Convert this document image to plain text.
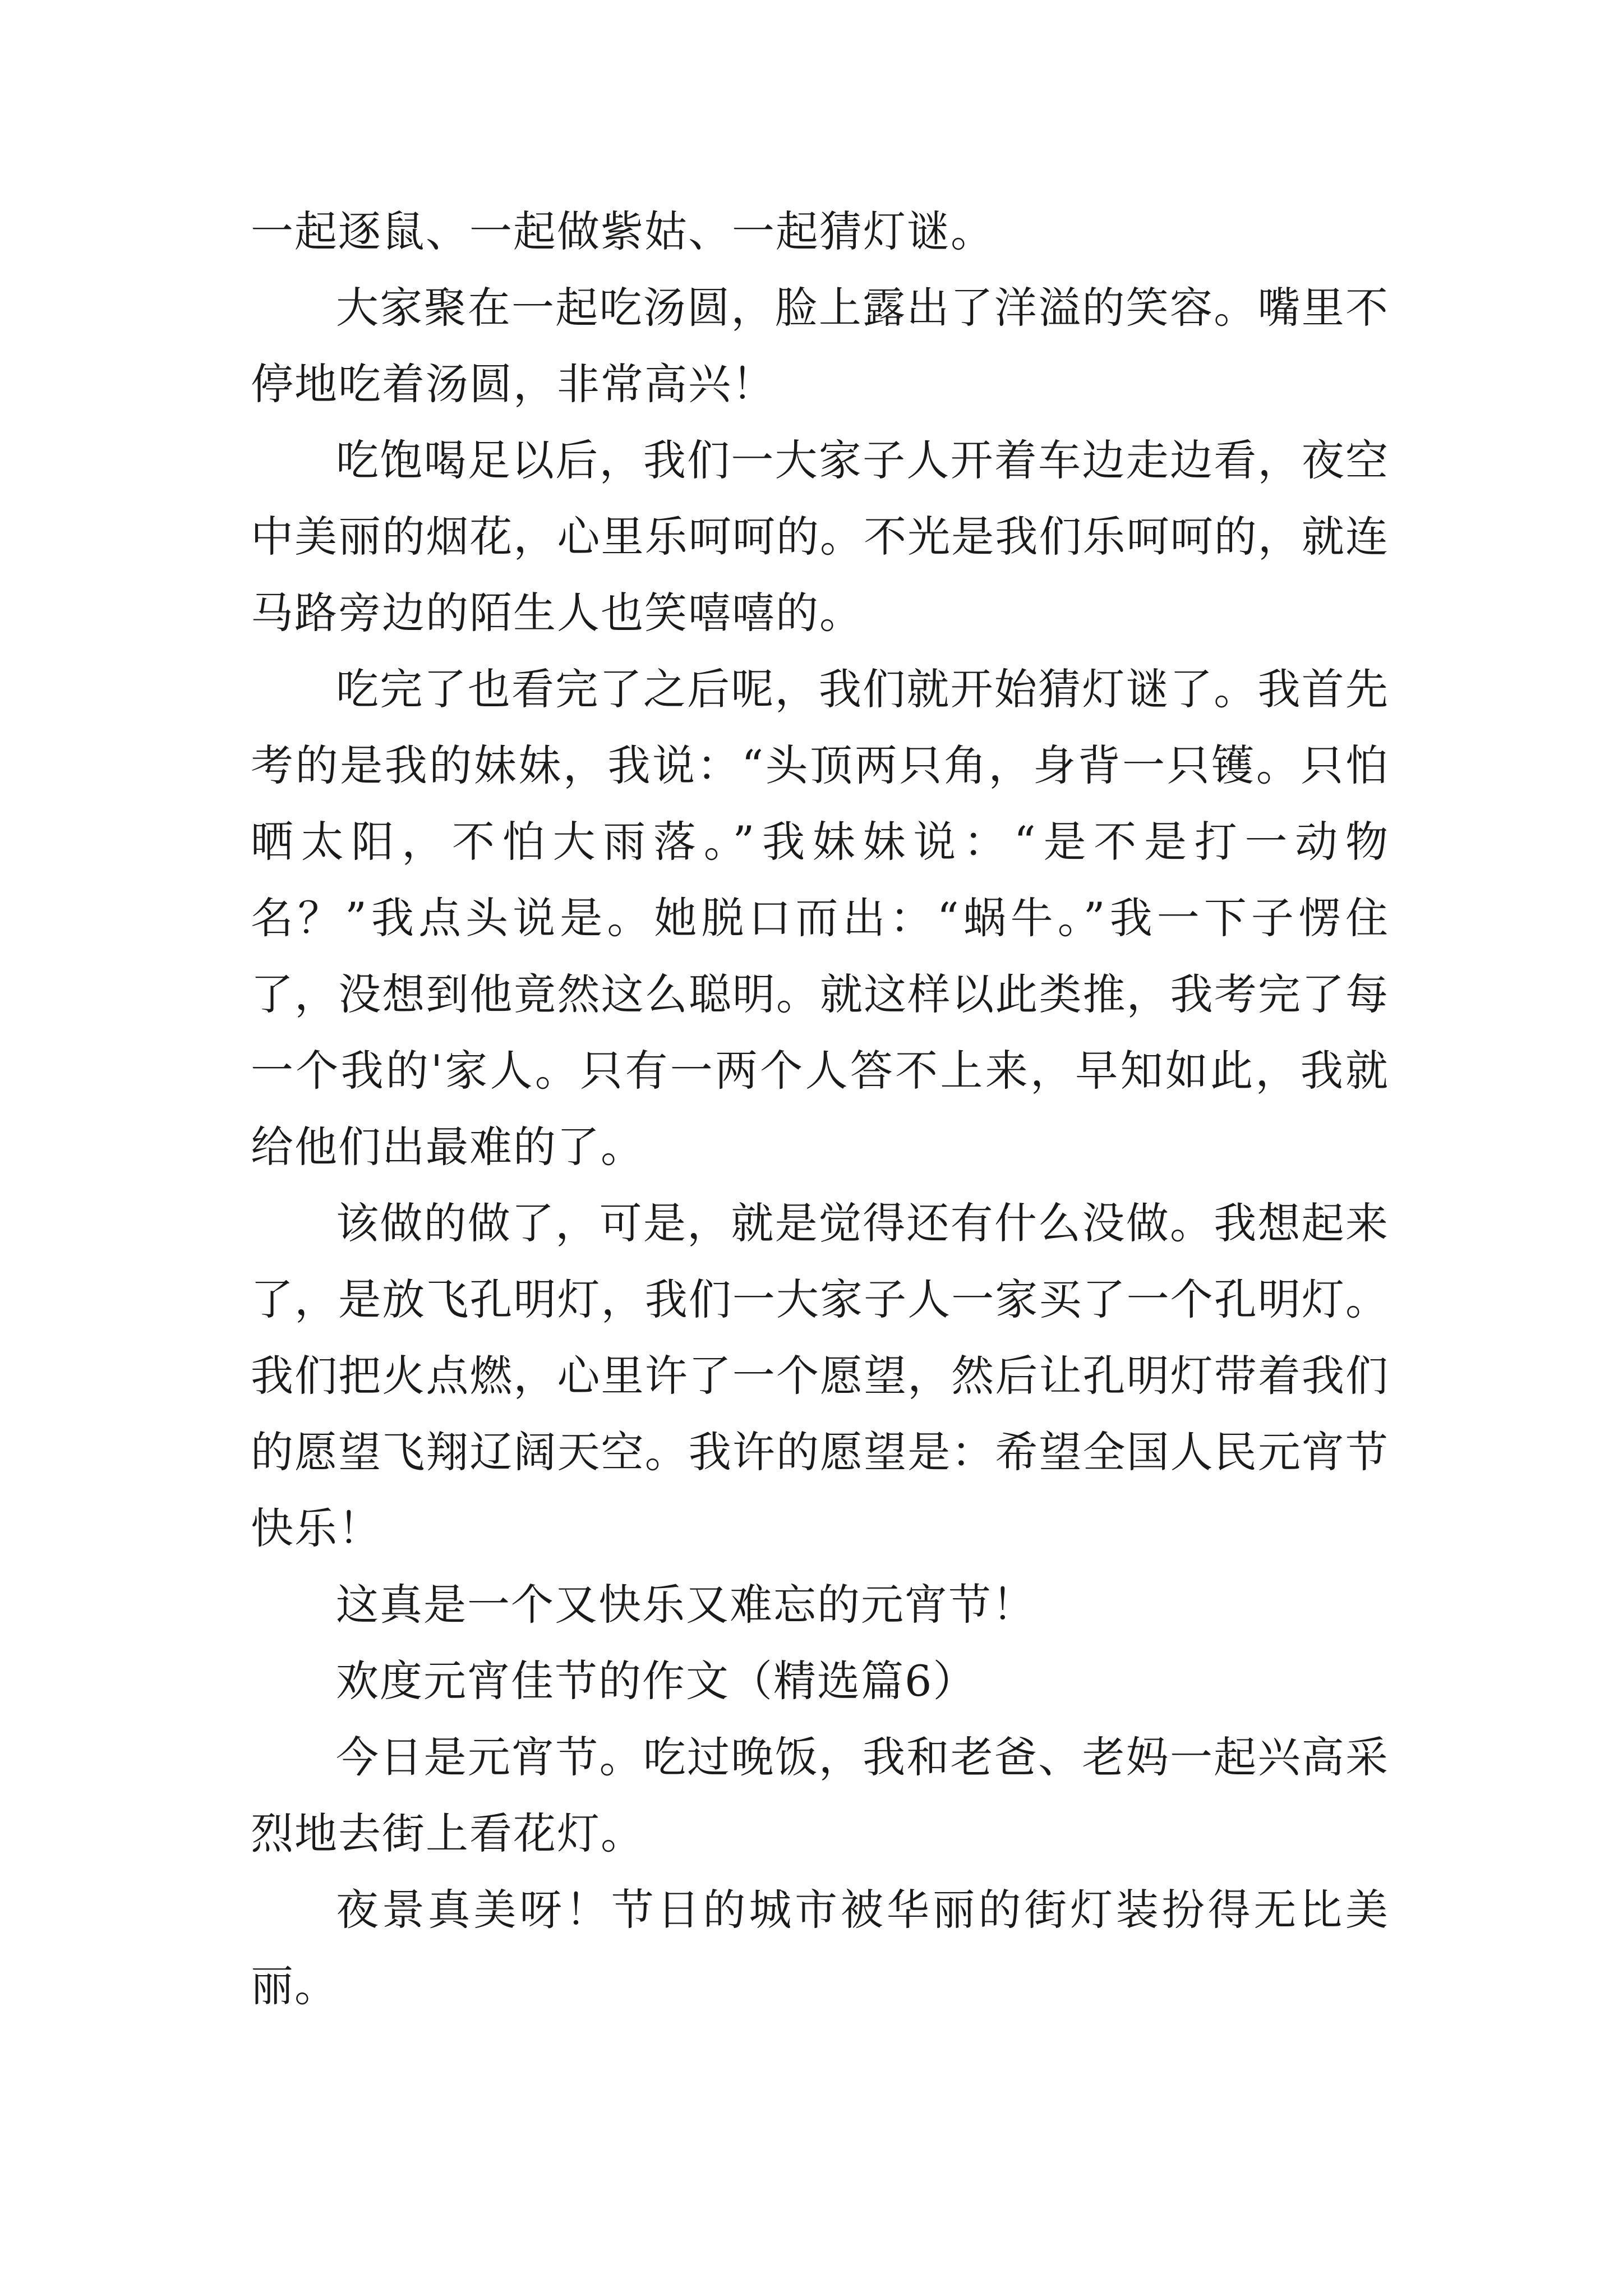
一起逐鼠、一起做紫姑、一起猜灯谜。

大家聚在一起吃汤圆，脸上露出了洋溢的笑容。嘴里不停地吃着汤圆，非常高兴！

吃饱喝足以后，我们一大家子人开着车边走边看，夜空中美丽的烟花，心里乐呵呵的。不光是我们乐呵呵的，就连马路旁边的陌生人也笑嘻嘻的。

吃完了也看完了之后呢，我们就开始猜灯谜了。我首先考的是我的妹妹，我说：“头顶两只角，身背一只镬。只怕晒太阳，不怕大雨落。”我妹妹说：“是不是打一动物名？”我点头说是。她脱口而出：“蜗牛。”我一下子愣住了，没想到他竟然这么聪明。就这样以此类推，我考完了每一个我的'家人。只有一两个人答不上来，早知如此，我就给他们出最难的了。

该做的做了，可是，就是觉得还有什么没做。我想起来了，是放飞孔明灯，我们一大家子人一家买了一个孔明灯。我们把火点燃，心里许了一个愿望，然后让孔明灯带着我们的愿望飞翔辽阔天空。我许的愿望是：希望全国人民元宵节快乐！

这真是一个又快乐又难忘的元宵节！

欢度元宵佳节的作文（精选篇6）

今日是元宵节。吃过晚饭，我和老爸、老妈一起兴高采烈地去街上看花灯。

夜景真美呀！节日的城市被华丽的街灯装扮得无比美丽。
